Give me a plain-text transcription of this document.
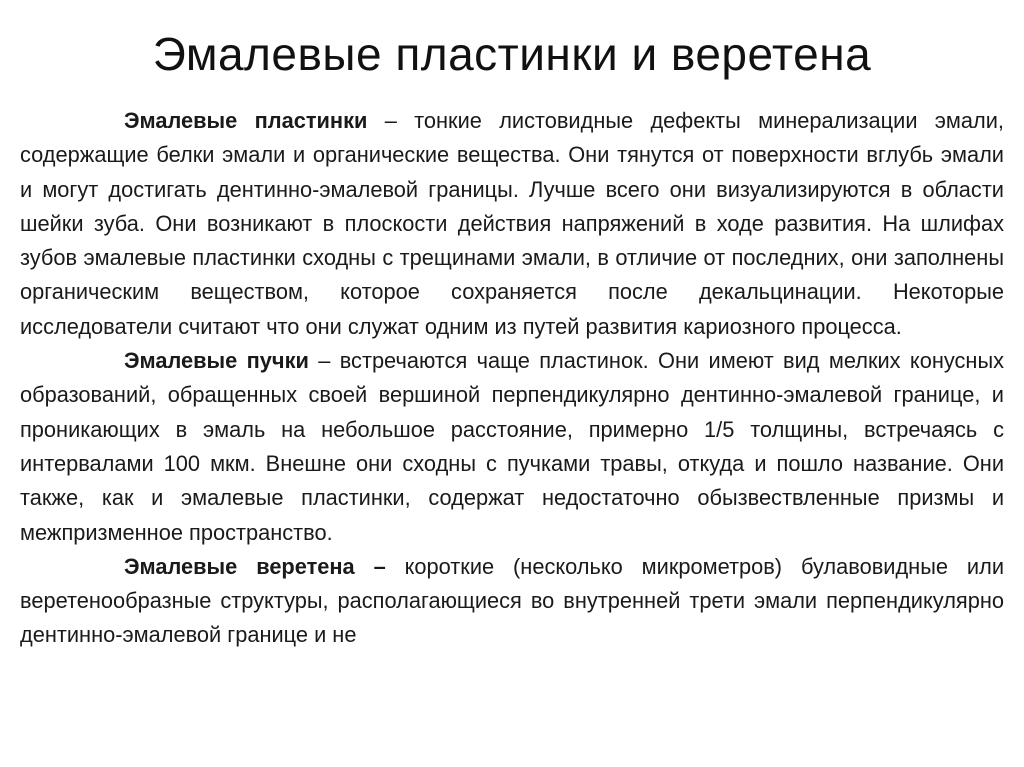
Эмалевые пластинки и веретена

Эмалевые пластинки – тонкие листовидные дефекты минерализации эмали, содержащие белки эмали и органические вещества. Они тянутся от поверхности вглубь эмали и могут достигать дентинно-эмалевой границы. Лучше всего они визуализируются в области шейки зуба. Они возникают в плоскости действия напряжений в ходе развития. На шлифах зубов эмалевые пластинки сходны с трещинами эмали, в отличие от последних, они заполнены органическим веществом, которое сохраняется после декальцинации. Некоторые исследователи считают что они служат одним из путей развития кариозного процесса.

Эмалевые пучки – встречаются чаще пластинок. Они имеют вид мелких конусных образований, обращенных своей вершиной перпендикулярно дентинно-эмалевой границе, и проникающих в эмаль на небольшое расстояние, примерно 1/5 толщины, встречаясь с интервалами 100 мкм. Внешне они сходны с пучками травы, откуда и пошло название. Они также, как и эмалевые пластинки, содержат недостаточно обызвествленные призмы и межпризменное пространство.

Эмалевые веретена – короткие (несколько микрометров) булавовидные или веретенообразные структуры, располагающиеся во внутренней трети эмали перпендикулярно дентинно-эмалевой границе и не
